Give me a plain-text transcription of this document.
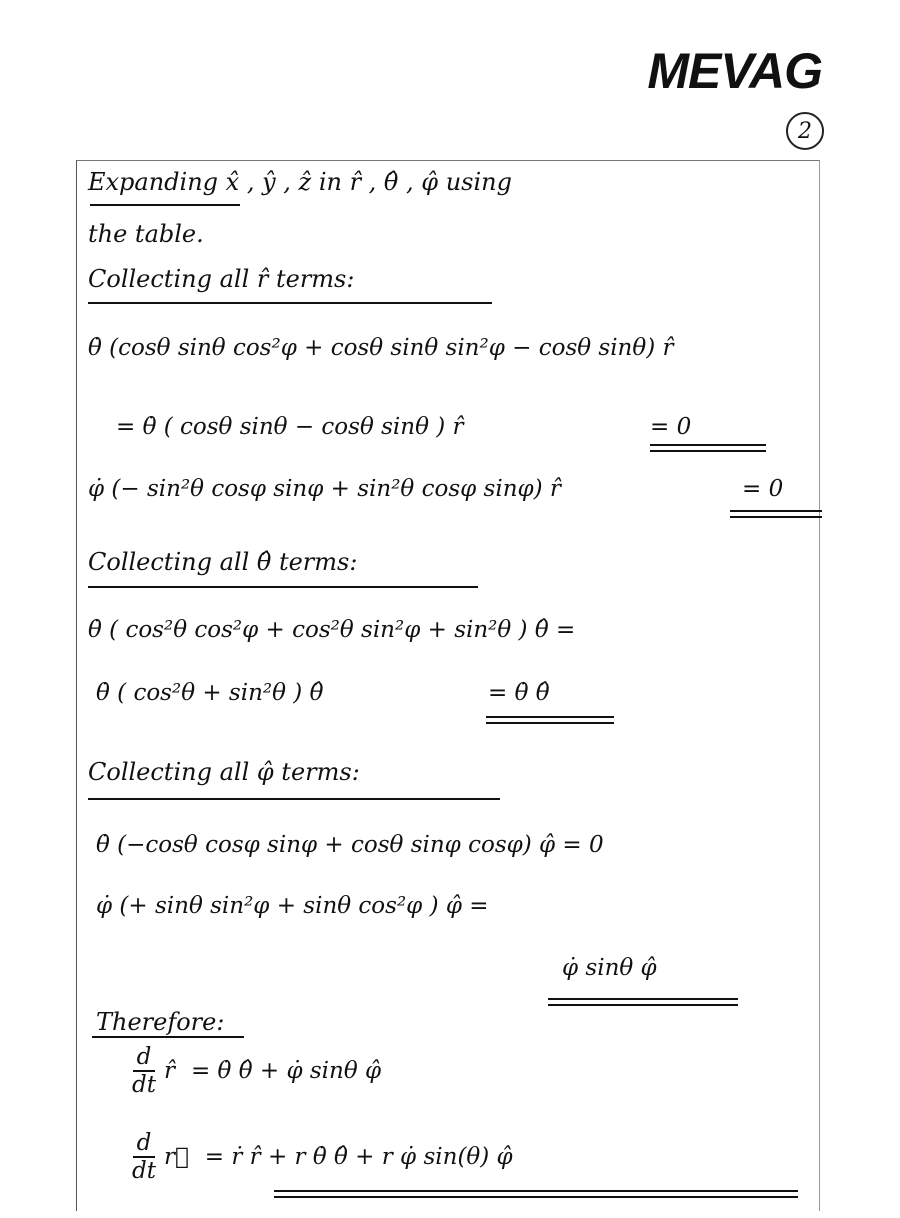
MEVAG
2
Expanding x̂ , ŷ , ẑ in r̂ , θ̂ , φ̂ using
the table.
Collecting all r̂ terms:
θ̇ (cosθ sinθ cos²φ + cosθ sinθ sin²φ − cosθ sinθ) r̂
= θ̇ ( cosθ sinθ − cosθ sinθ ) r̂	= 0
φ̇ (− sin²θ cosφ sinφ + sin²θ cosφ sinφ) r̂	= 0
Collecting all θ̂ terms:
θ̇ ( cos²θ cos²φ + cos²θ sin²φ + sin²θ ) θ̂ =
θ̇ ( cos²θ + sin²θ ) θ̂	= θ̇ θ̂
Collecting all φ̂ terms:
θ̇ (−cosθ cosφ sinφ + cosθ sinφ cosφ) φ̂ = 0
φ̇ (+ sinθ sin²φ + sinθ cos²φ ) φ̂ =
φ̇ sinθ φ̂
Therefore:
$\frac{d}{dt}$ r̂ = θ̇ θ̂ + φ̇ sinθ φ̂
$\frac{d}{dt}$ r⃗ = ṙ r̂ + r θ̇ θ̂ + r φ̇ sin(θ) φ̂
